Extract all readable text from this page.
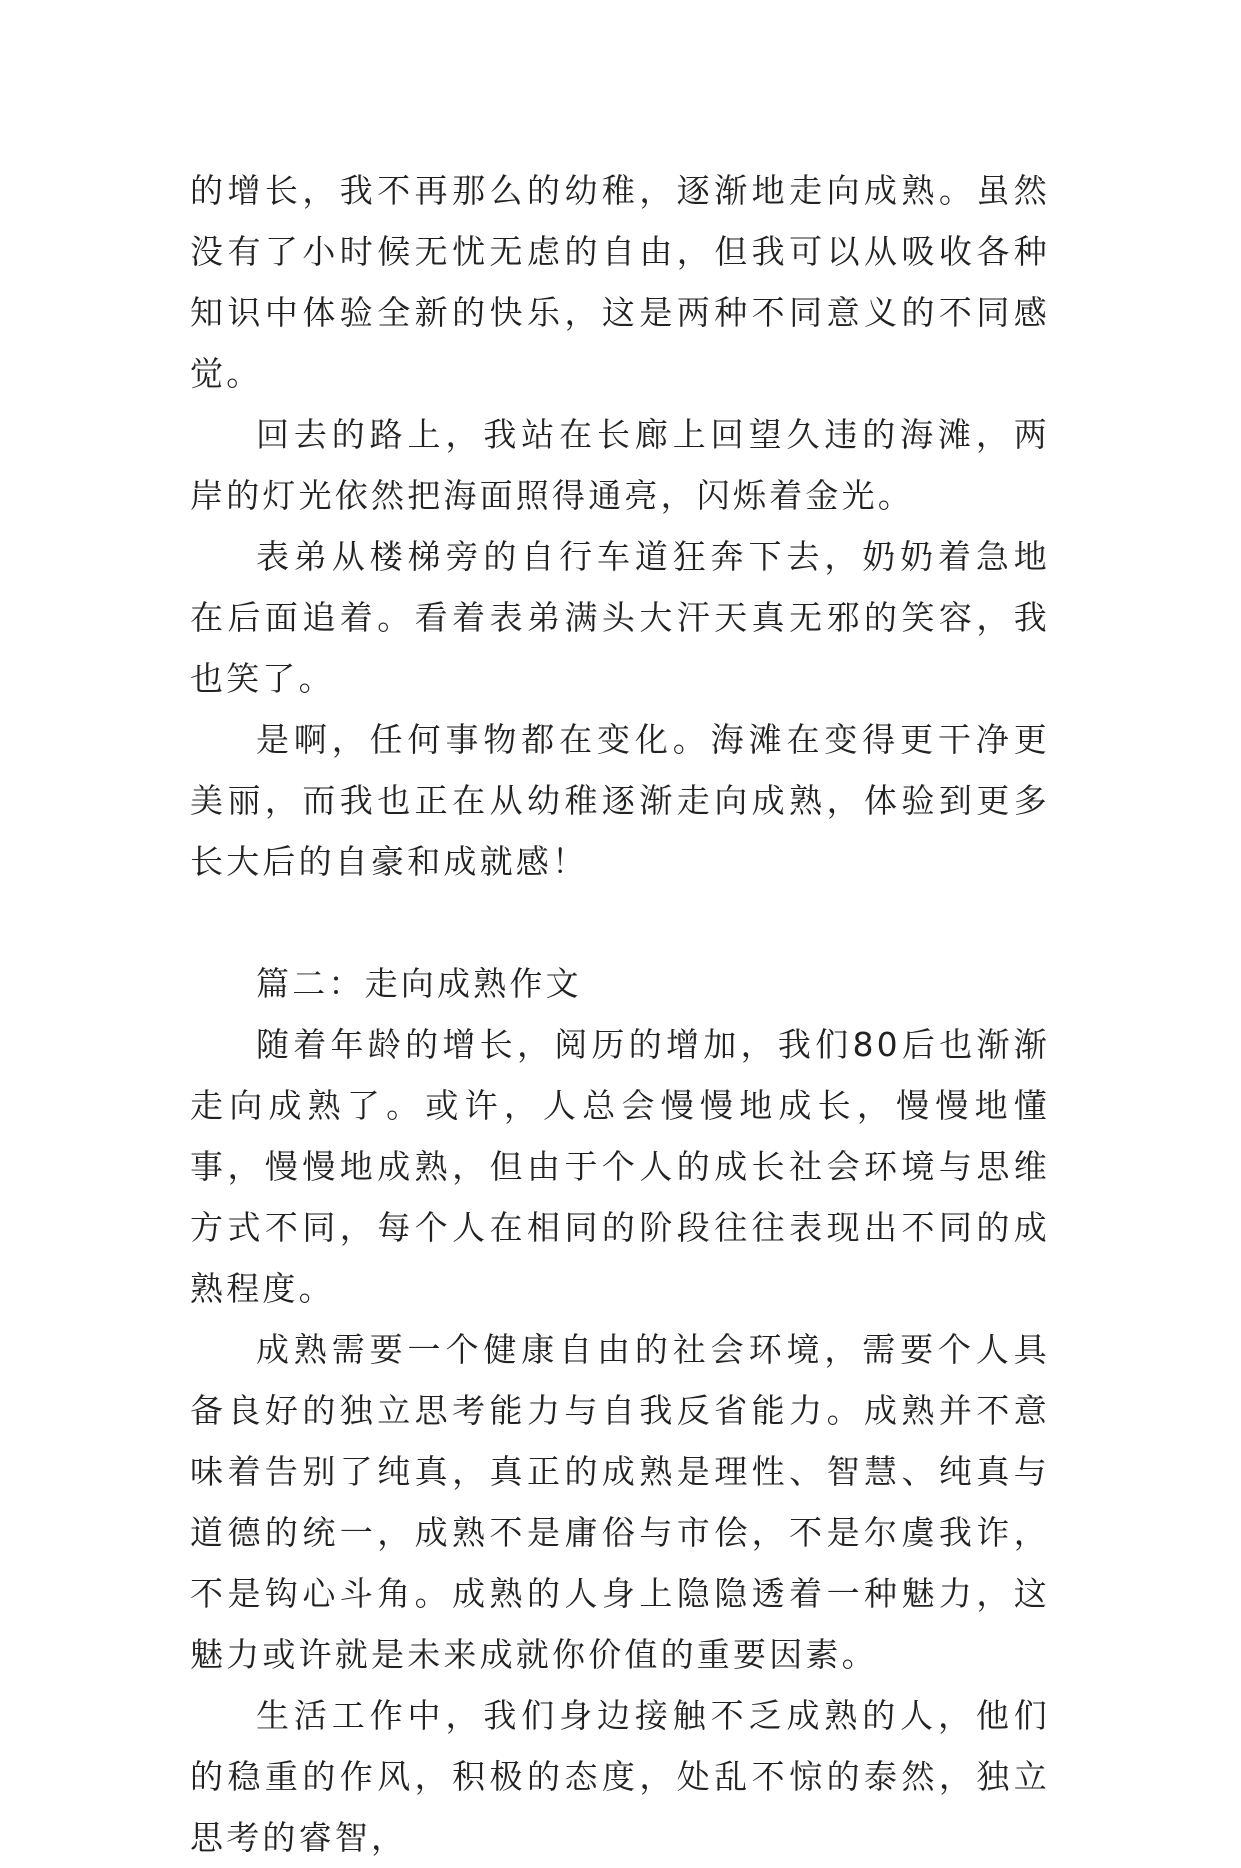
的增长，我不再那么的幼稚，逐渐地走向成熟。虽然没有了小时候无忧无虑的自由，但我可以从吸收各种知识中体验全新的快乐，这是两种不同意义的不同感觉。

回去的路上，我站在长廊上回望久违的海滩，两岸的灯光依然把海面照得通亮，闪烁着金光。

表弟从楼梯旁的自行车道狂奔下去，奶奶着急地在后面追着。看着表弟满头大汗天真无邪的笑容，我也笑了。

是啊，任何事物都在变化。海滩在变得更干净更美丽，而我也正在从幼稚逐渐走向成熟，体验到更多长大后的自豪和成就感！

篇二：走向成熟作文

随着年龄的增长，阅历的增加，我们80后也渐渐走向成熟了。或许，人总会慢慢地成长，慢慢地懂事，慢慢地成熟，但由于个人的成长社会环境与思维方式不同，每个人在相同的阶段往往表现出不同的成熟程度。

成熟需要一个健康自由的社会环境，需要个人具备良好的独立思考能力与自我反省能力。成熟并不意味着告别了纯真，真正的成熟是理性、智慧、纯真与道德的统一，成熟不是庸俗与市侩，不是尔虞我诈，不是钩心斗角。成熟的人身上隐隐透着一种魅力，这魅力或许就是未来成就你价值的重要因素。

生活工作中，我们身边接触不乏成熟的人，他们的稳重的作风，积极的态度，处乱不惊的泰然，独立思考的睿智，
